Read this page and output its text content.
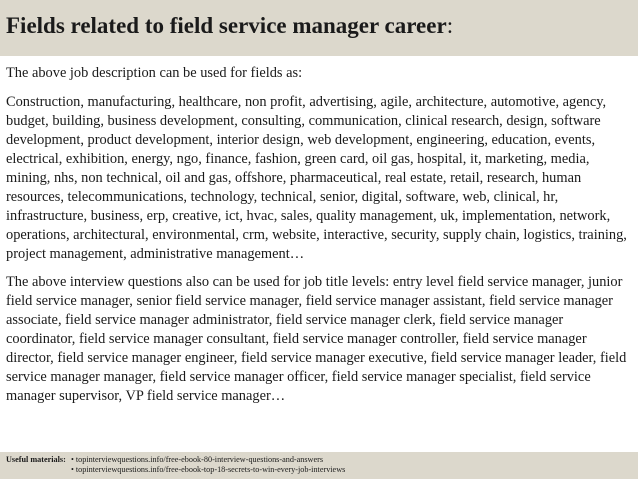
Fields related to field service manager career:

The above job description can be used for fields as:

Construction, manufacturing, healthcare, non profit, advertising, agile, architecture, automotive, agency, budget, building, business development, consulting, communication, clinical research, design, software development, product development, interior design, web development, engineering, education, events, electrical, exhibition, energy, ngo, finance, fashion, green card, oil gas, hospital, it, marketing, media, mining, nhs, non technical, oil and gas, offshore, pharmaceutical, real estate, retail, research, human resources, telecommunications, technology, technical, senior, digital, software, web, clinical, hr, infrastructure, business, erp, creative, ict, hvac, sales, quality management, uk, implementation, network, operations, architectural, environmental, crm, website, interactive, security, supply chain, logistics, training, project management, administrative management…

The above interview questions also can be used for job title levels: entry level field service manager, junior field service manager, senior field service manager, field service manager assistant, field service manager associate, field service manager administrator, field service manager clerk, field service manager coordinator, field service manager consultant, field service manager controller, field service manager director, field service manager engineer, field service manager executive, field service manager leader, field service manager manager, field service manager officer, field service manager specialist, field service manager supervisor, VP field service manager…

Useful materials: • topinterviewquestions.info/free-ebook-80-interview-questions-and-answers
• topinterviewquestions.info/free-ebook-top-18-secrets-to-win-every-job-interviews
